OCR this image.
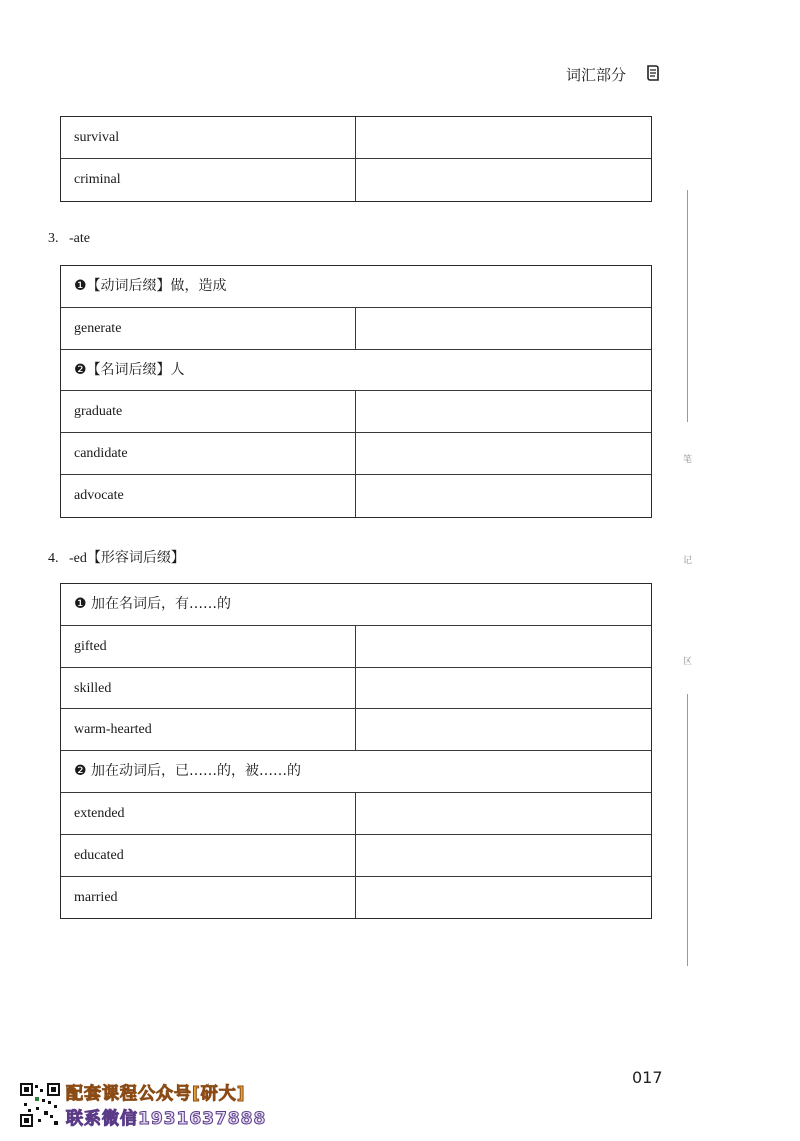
词汇部分
survival
criminal
3. -ate
❶【动词后缀】做，造成
generate
❷【名词后缀】人
graduate
candidate
advocate
4. -ed【形容词后缀】
❶ 加在名词后，有……的
gifted
skilled
warm-hearted
❷ 加在动词后，已……的，被……的
extended
educated
married
笔
记
区
017
配套课程公众号[研大]
联系微信1931637888
